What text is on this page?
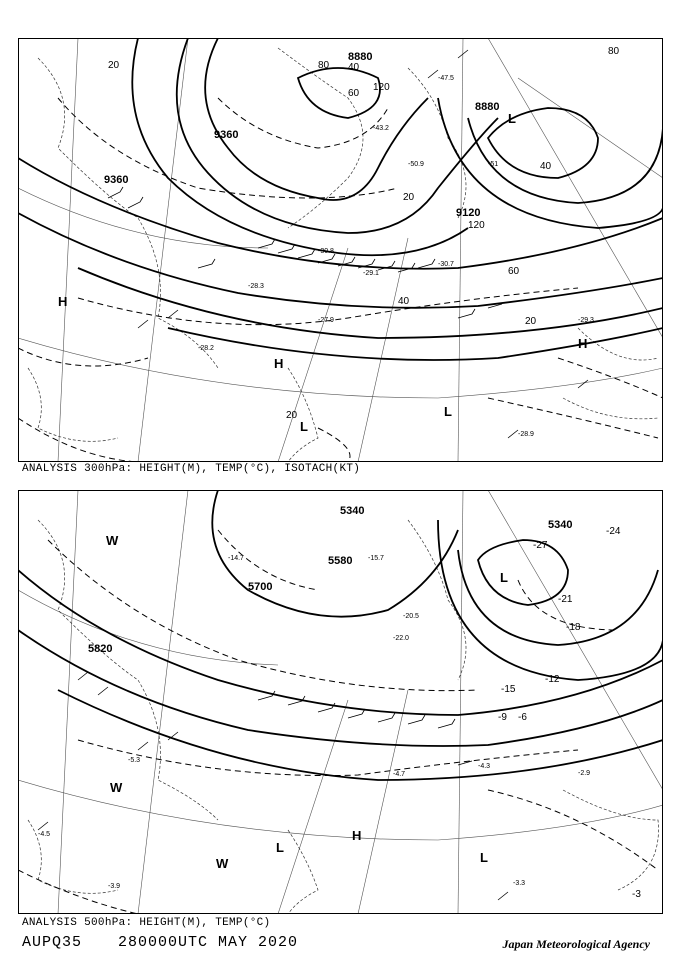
9360
8880
8880
9360
9120
20	40
60
80
120
40
20
40
60
80
120
20
20
H
H
L
L
L
H
-43.2
-50.9
-47.5
-51
-30.8
-29.1
-28.9
-27.9	-29.3
-28.2
-30.7
-28.3
ANALYSIS 300hPa: HEIGHT(M), TEMP(°C), ISOTACH(KT)
5340
5580
5700
5820
5340
-27
-24
-21
-18
-15
-12
-9 -6
-3
L
L
H
L
W
W
W
-20.5
-22.0
-15.7
-14.7
-3.3
-4.7	-2.9
-4.3
-3.9
-5.3
-4.5
ANALYSIS 500hPa: HEIGHT(M), TEMP(°C)
AUPQ35 280000UTC MAY 2020	Japan Meteorological Agency
